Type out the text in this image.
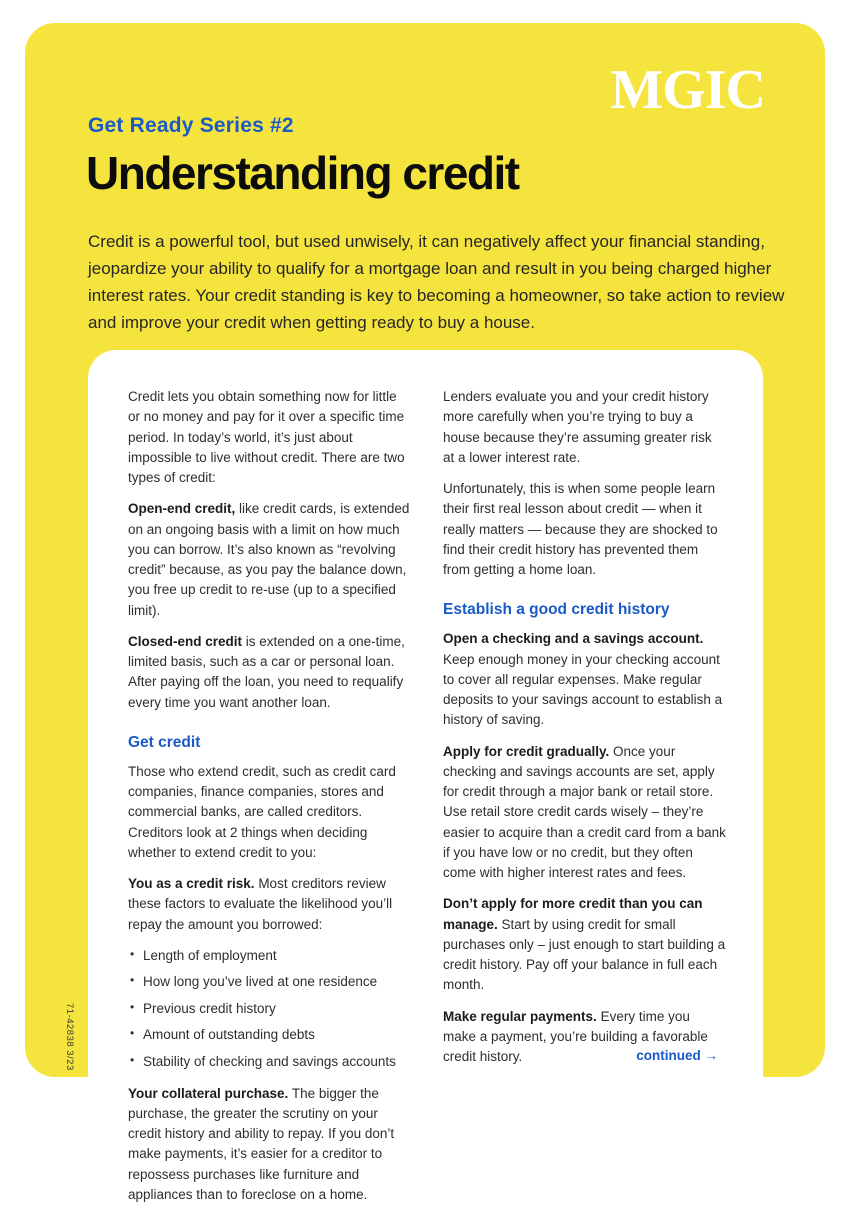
MGIC
Get Ready Series #2
Understanding credit

Credit is a powerful tool, but used unwisely, it can negatively affect your financial standing, jeopardize your ability to qualify for a mortgage loan and result in you being charged higher interest rates. Your credit standing is key to becoming a homeowner, so take action to review and improve your credit when getting ready to buy a house.

Credit lets you obtain something now for little or no money and pay for it over a specific time period. In today’s world, it’s just about impossible to live without credit. There are two types of credit:

Open-end credit, like credit cards, is extended on an ongoing basis with a limit on how much you can borrow. It’s also known as “revolving credit” because, as you pay the balance down, you free up credit to re-use (up to a specified limit).

Closed-end credit is extended on a one-time, limited basis, such as a car or personal loan. After paying off the loan, you need to requalify every time you want another loan.

Get credit

Those who extend credit, such as credit card companies, finance companies, stores and commercial banks, are called creditors. Creditors look at 2 things when deciding whether to extend credit to you:

You as a credit risk. Most creditors review these factors to evaluate the likelihood you’ll repay the amount you borrowed:

• Length of employment
• How long you’ve lived at one residence
• Previous credit history
• Amount of outstanding debts
• Stability of checking and savings accounts

Your collateral purchase. The bigger the purchase, the greater the scrutiny on your credit history and ability to repay. If you don’t make payments, it’s easier for a creditor to repossess purchases like furniture and appliances than to foreclose on a home.

Lenders evaluate you and your credit history more carefully when you’re trying to buy a house because they’re assuming greater risk at a lower interest rate.

Unfortunately, this is when some people learn their first real lesson about credit — when it really matters — because they are shocked to find their credit history has prevented them from getting a home loan.

Establish a good credit history

Open a checking and a savings account. Keep enough money in your checking account to cover all regular expenses. Make regular deposits to your savings account to establish a history of saving.

Apply for credit gradually. Once your checking and savings accounts are set, apply for credit through a major bank or retail store. Use retail store credit cards wisely – they’re easier to acquire than a credit card from a bank if you have low or no credit, but they often come with higher interest rates and fees.

Don’t apply for more credit than you can manage. Start by using credit for small purchases only – just enough to start building a credit history. Pay off your balance in full each month.

Make regular payments. Every time you make a payment, you’re building a favorable credit history.	continued →
71-42838 3/23
